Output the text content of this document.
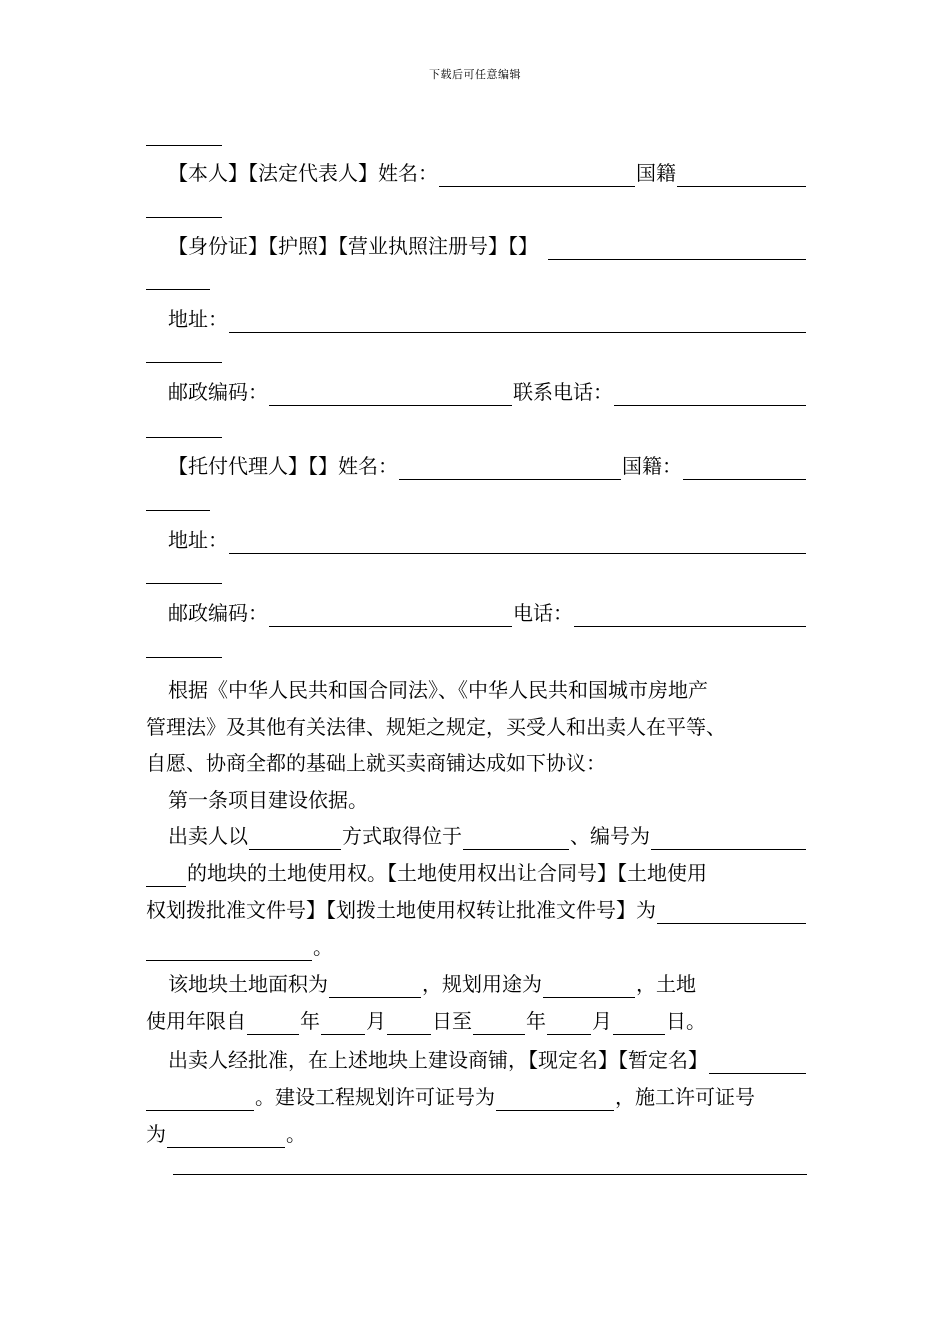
下载后可任意编辑
【本人】【法定代表人】姓名：	国籍
【身份证】【护照】【营业执照注册号】【】
地址：
邮政编码：	联系电话：
【托付代理人】【】姓名：	国籍：
地址：
邮政编码：	电话：
根据《中华人民共和国合同法》、《中华人民共和国城市房地产
管理法》及其他有关法律、规矩之规定，买受人和出卖人在平等、
自愿、协商全都的基础上就买卖商铺达成如下协议：
第一条项目建设依据。
出卖人以	方式取得位于	、编号为
的地块的土地使用权。【土地使用权出让合同号】【土地使用
权划拨批准文件号】【划拨土地使用权转让批准文件号】为
。
该地块土地面积为	，规划用途为	，土地
使用年限自	年 月 日至	年 月	日。
出卖人经批准，在上述地块上建设商铺，【现定名】【暂定名】
。建设工程规划许可证号为	，施工许可证号
为	。
